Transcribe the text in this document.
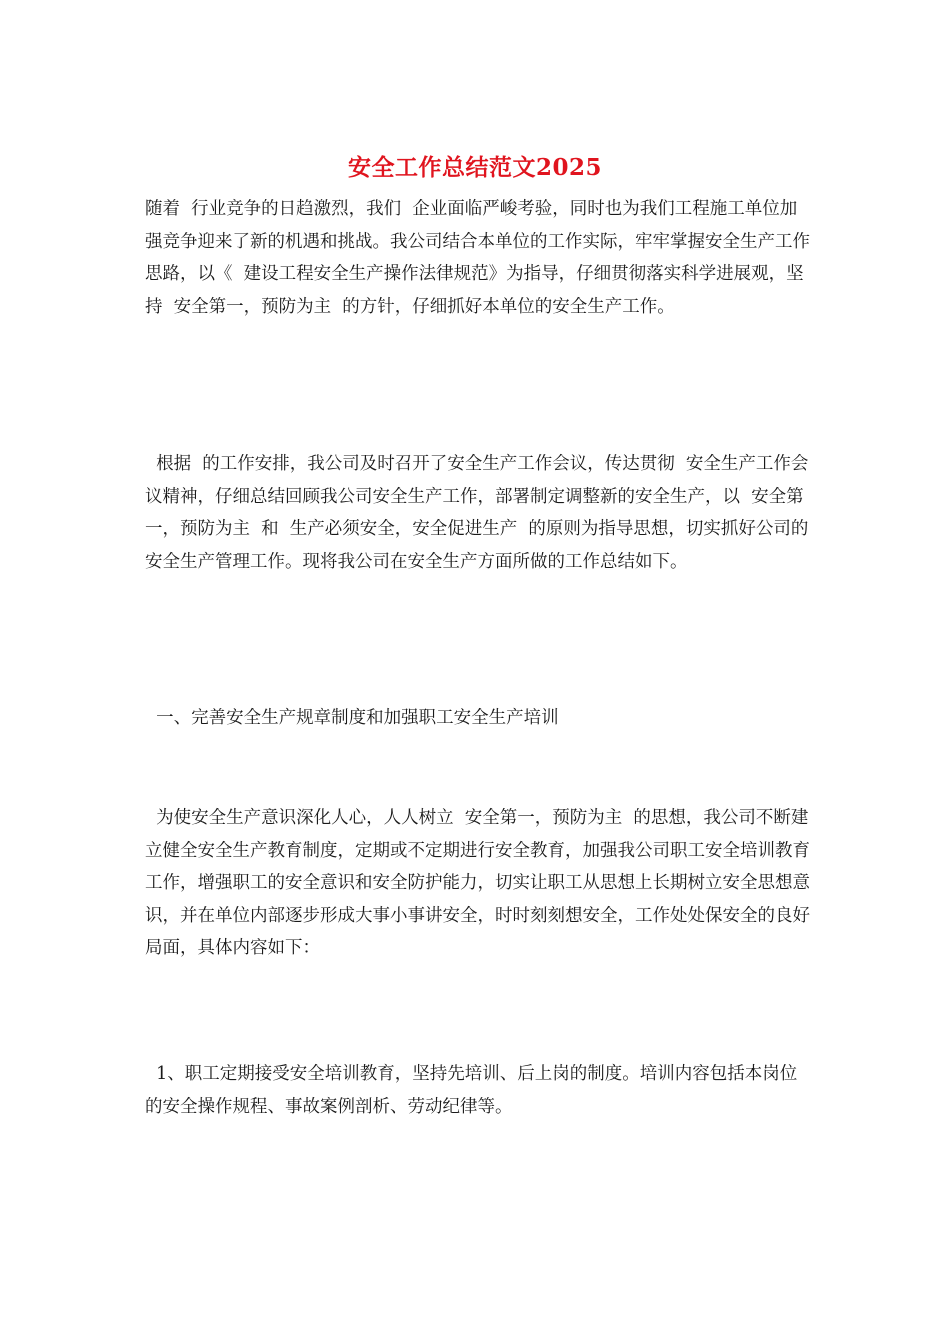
安全工作总结范文2025

随着  行业竞争的日趋激烈，我们  企业面临严峻考验，同时也为我们工程施工单位加强竞争迎来了新的机遇和挑战。我公司结合本单位的工作实际，牢牢掌握安全生产工作思路，以《  建设工程安全生产操作法律规范》为指导，仔细贯彻落实科学进展观，坚持  安全第一，预防为主  的方针，仔细抓好本单位的安全生产工作。

根据  的工作安排，我公司及时召开了安全生产工作会议，传达贯彻  安全生产工作会议精神，仔细总结回顾我公司安全生产工作，部署制定调整新的安全生产，以  安全第一，预防为主  和  生产必须安全，安全促进生产  的原则为指导思想，切实抓好公司的安全生产管理工作。现将我公司在安全生产方面所做的工作总结如下。

一、完善安全生产规章制度和加强职工安全生产培训

为使安全生产意识深化人心，人人树立  安全第一，预防为主  的思想，我公司不断建立健全安全生产教育制度，定期或不定期进行安全教育，加强我公司职工安全培训教育工作，增强职工的安全意识和安全防护能力，切实让职工从思想上长期树立安全思想意识，并在单位内部逐步形成大事小事讲安全，时时刻刻想安全，工作处处保安全的良好局面，具体内容如下：

1、职工定期接受安全培训教育，坚持先培训、后上岗的制度。培训内容包括本岗位的安全操作规程、事故案例剖析、劳动纪律等。
